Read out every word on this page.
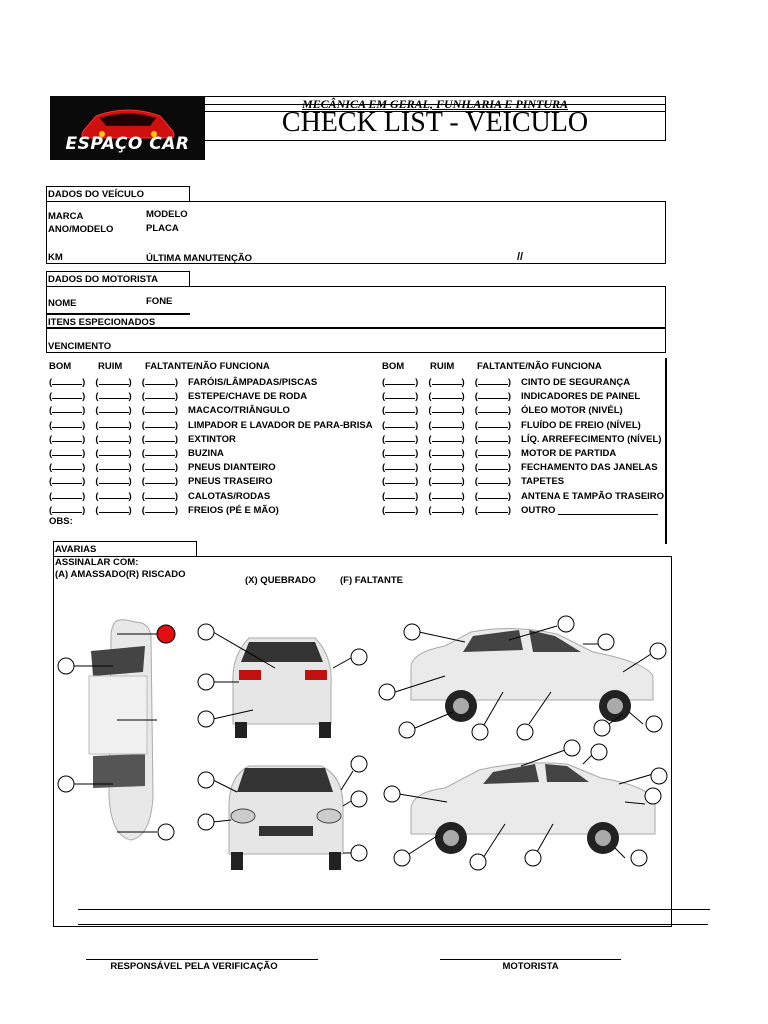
ESPAÇO CAR
MECÂNICA EM GERAL, FUNILARIA E PINTURA
CHECK LIST - VEICULO
DADOS DO VEÍCULO
MARCA	MODELO
ANO/MODELO	PLACA
KM	ÚLTIMA MANUTENÇÃO	//
DADOS DO MOTORISTA
NOME	FONE
ITENS ESPECIONADOS
VENCIMENTO
BOM	RUIM FALTANTE/NÃO FUNCIONA	BOM	RUIM FALTANTE/NÃO FUNCIONA
(	) (	) (	) FARÓIS/LÂMPADAS/PISCAS
(	) (	) (	) ESTEPE/CHAVE DE RODA
(	) (	) (	) MACACO/TRIÂNGULO
(	) (	) (	) LIMPADOR E LAVADOR DE PARA-BRISA
(	) (	) (	) EXTINTOR
(	) (	) (	) BUZINA
(	) (	) (	) PNEUS DIANTEIRO
(	) (	) (	) PNEUS TRASEIRO
(	) (	) (	) CALOTAS/RODAS
(	) (	) (	) FREIOS (PÉ E MÃO)
(	) (	) (	) CINTO DE SEGURANÇA
(	) (	) (	) INDICADORES DE PAINEL
(	) (	) (	) ÓLEO MOTOR (NIVÉL)
(	) (	) (	) FLUÍDO DE FREIO (NÍVEL)
(	) (	) (	) LÍQ. ARREFECIMENTO (NÍVEL)
(	) (	) (	) MOTOR DE PARTIDA
(	) (	) (	) FECHAMENTO DAS JANELAS
(	) (	) (	) TAPETES
(	) (	) (	) ANTENA E TAMPÃO TRASEIRO
(	) (	) (	) OUTRO
OBS:
AVARIAS
ASSINALAR COM:
(A) AMASSADO(R) RISCADO
(X) QUEBRADO	(F) FALTANTE
RESPONSÁVEL PELA VERIFICAÇÃO	MOTORISTA
